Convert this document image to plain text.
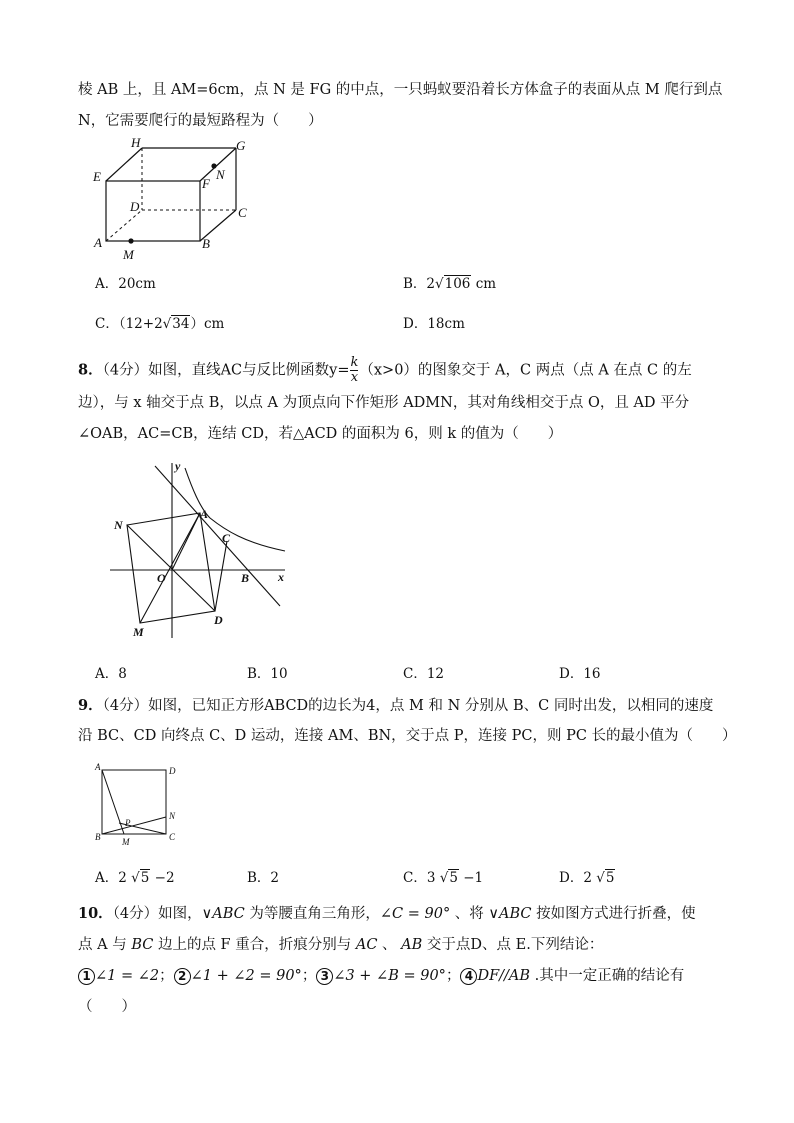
棱 AB 上，且 AM=6cm，点 N 是 FG 的中点，一只蚂蚁要沿着长方体盒子的表面从点 M 爬行到点
N，它需要爬行的最短路程为（　　）
H	G
E	F
N
D	C
A	B
M
A．20cm	B．2√106 cm
C．（12+2√34）cm	D．18cm
8．（4分）如图，直线AC与反比例函数$y= \frac{k}{x} (x>0)$的图象交于 A，C 两点（点 A 在点 C 的左
边），与 x 轴交于点 B，以点 A 为顶点向下作矩形 ADMN，其对角线相交于点 O，且 AD 平分
∠OAB，AC=CB，连结 CD，若△ACD 的面积为 6，则 k 的值为（　　）
y
x
N
A
C
O	B
M
D
A．8	B．10	C．12	D．16
9．（4分）如图，已知正方形ABCD的边长为4，点 M 和 N 分别从 B、C 同时出发，以相同的速度
沿 BC、CD 向终点 C、D 运动，连接 AM、BN，交于点 P，连接 PC，则 PC 长的最小值为（　　）
A	D
N
P
B M	C
A．2 √5 −2	B．2	C．3 √5 −1	D．2 √5
10．（4分）如图，∨ABC 为等腰直角三角形，∠C = 90° 、将 ∨ABC 按如图方式进行折叠，使
点 A 与 BC 边上的点 F 重合，折痕分别与 AC 、 AB 交于点D、点 E.下列结论：
1 ∠1 = ∠2； 2 ∠1 + ∠2 = 90°； 3 ∠3 + ∠B = 90°； 4 DF//AB .其中一定正确的结论有
（　　）
